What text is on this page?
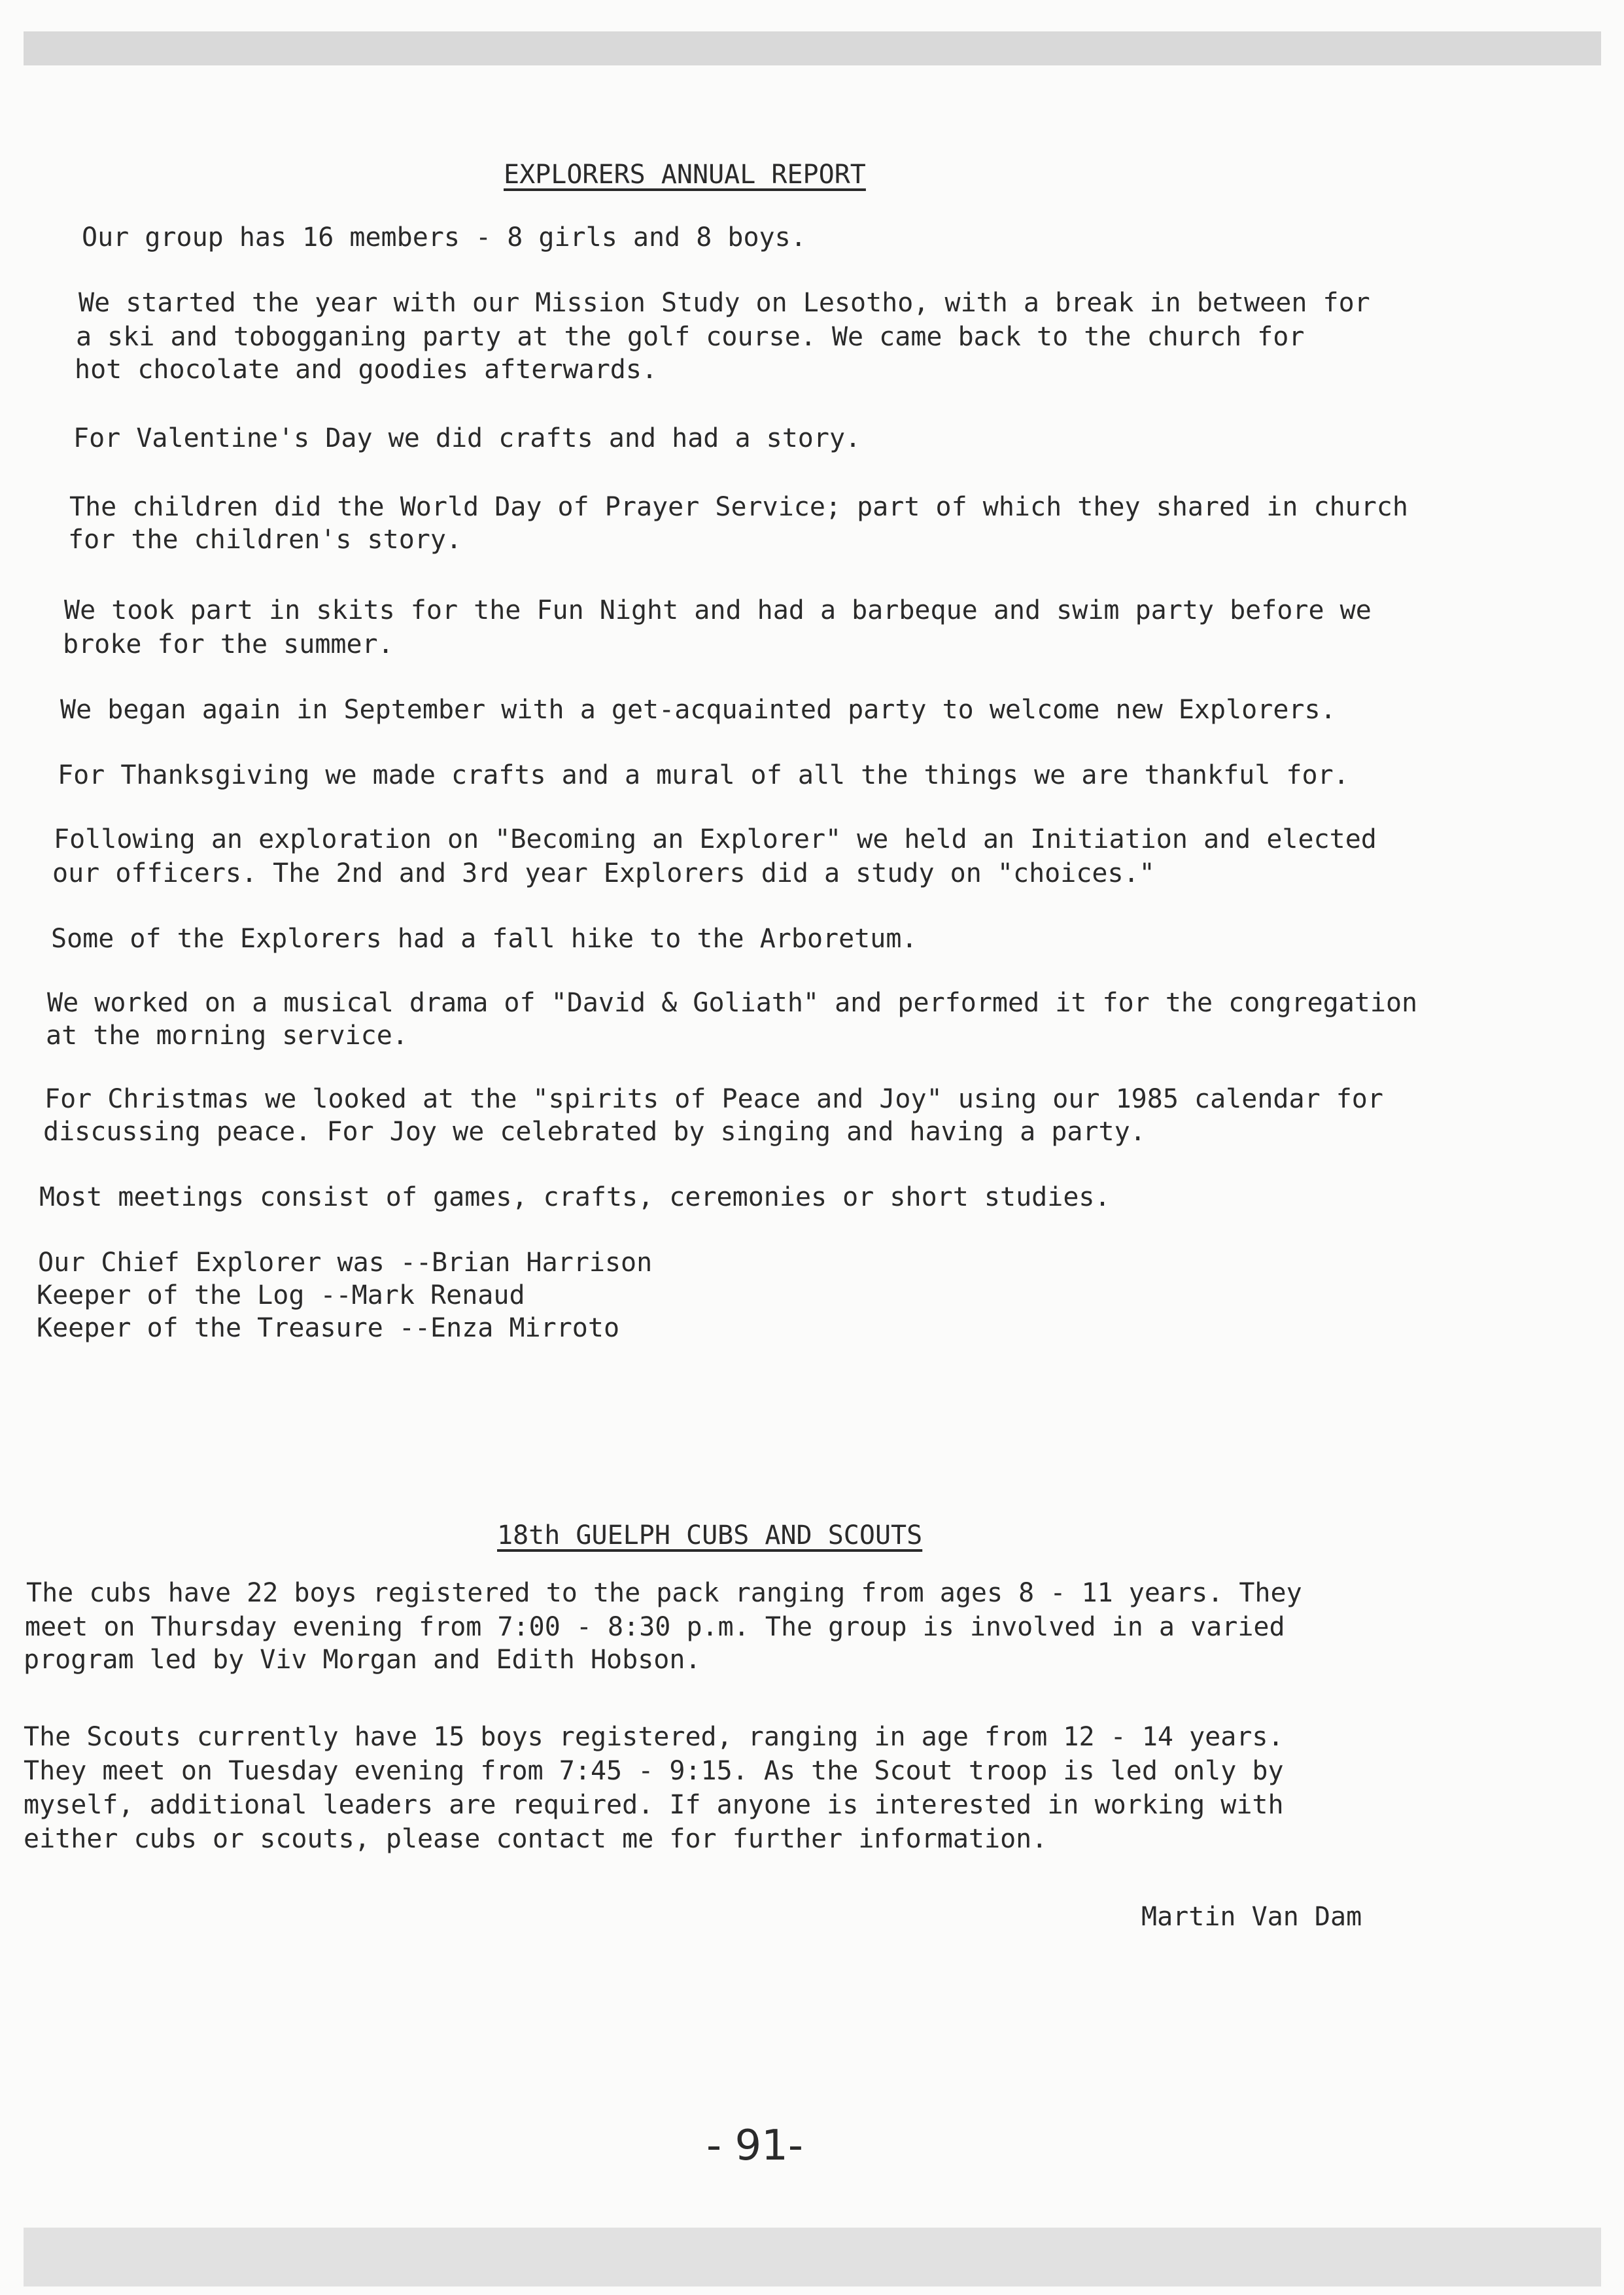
EXPLORERS ANNUAL REPORT
Our group has 16 members - 8 girls and 8 boys.
We started the year with our Mission Study on Lesotho, with a break in between for
a ski and tobogganing party at the golf course. We came back to the church for
hot chocolate and goodies afterwards.
For Valentine's Day we did crafts and had a story.
The children did the World Day of Prayer Service; part of which they shared in church
for the children's story.
We took part in skits for the Fun Night and had a barbeque and swim party before we
broke for the summer.
We began again in September with a get-acquainted party to welcome new Explorers.
For Thanksgiving we made crafts and a mural of all the things we are thankful for.
Following an exploration on "Becoming an Explorer" we held an Initiation and elected
our officers. The 2nd and 3rd year Explorers did a study on "choices."
Some of the Explorers had a fall hike to the Arboretum.
We worked on a musical drama of "David & Goliath" and performed it for the congregation
at the morning service.
For Christmas we looked at the "spirits of Peace and Joy" using our 1985 calendar for
discussing peace. For Joy we celebrated by singing and having a party.
Most meetings consist of games, crafts, ceremonies or short studies.
Our Chief Explorer was --Brian Harrison
Keeper of the Log --Mark Renaud
Keeper of the Treasure --Enza Mirroto
18th GUELPH CUBS AND SCOUTS
The cubs have 22 boys registered to the pack ranging from ages 8 - 11 years. They
meet on Thursday evening from 7:00 - 8:30 p.m. The group is involved in a varied
program led by Viv Morgan and Edith Hobson.
The Scouts currently have 15 boys registered, ranging in age from 12 - 14 years.
They meet on Tuesday evening from 7:45 - 9:15. As the Scout troop is led only by
myself, additional leaders are required. If anyone is interested in working with
either cubs or scouts, please contact me for further information.
Martin Van Dam
- 91-
